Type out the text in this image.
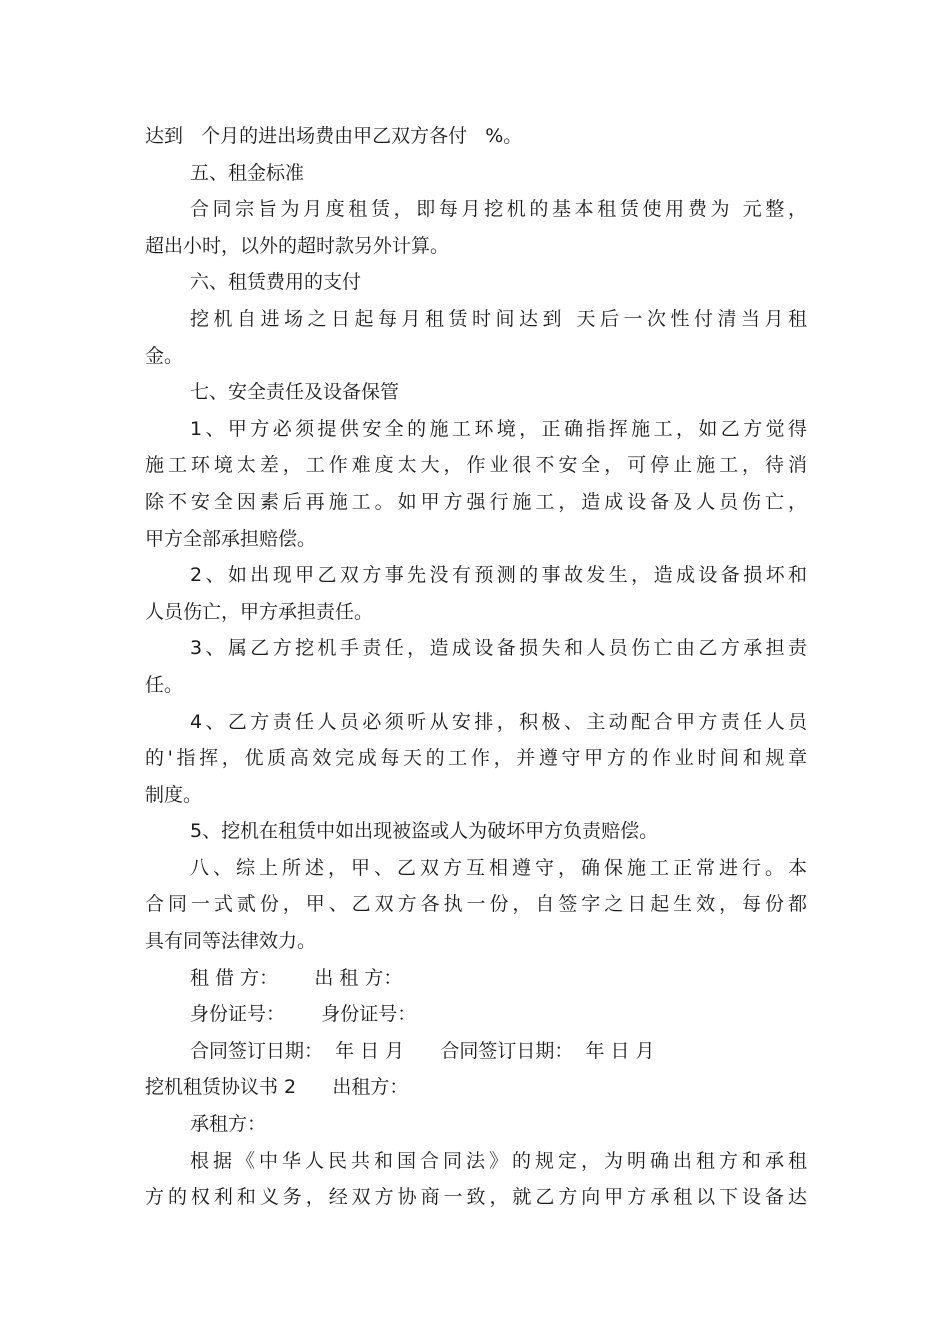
达到   个月的进出场费由甲乙双方各付   %。
五、租金标准
合同宗旨为月度租赁，即每月挖机的基本租赁使用费为 元整，
超出小时，以外的超时款另外计算。
六、租赁费用的支付
挖机自进场之日起每月租赁时间达到 天后一次性付清当月租
金。
七、安全责任及设备保管
1、甲方必须提供安全的施工环境，正确指挥施工，如乙方觉得
施工环境太差，工作难度太大，作业很不安全，可停止施工，待消
除不安全因素后再施工。如甲方强行施工，造成设备及人员伤亡，
甲方全部承担赔偿。
2、如出现甲乙双方事先没有预测的事故发生，造成设备损坏和
人员伤亡，甲方承担责任。
3、属乙方挖机手责任，造成设备损失和人员伤亡由乙方承担责
任。
4、乙方责任人员必须听从安排，积极、主动配合甲方责任人员
的'指挥，优质高效完成每天的工作，并遵守甲方的作业时间和规章
制度。
5、挖机在租赁中如出现被盗或人为破坏甲方负责赔偿。
八、综上所述，甲、乙双方互相遵守，确保施工正常进行。本
合同一式贰份，甲、乙双方各执一份，自签字之日起生效，每份都
具有同等法律效力。
租 借 方：      出 租 方：
身份证号：      身份证号：
合同签订日期：  年 日 月      合同签订日期：  年 日 月
挖机租赁协议书 2      出租方：
承租方：
根据《中华人民共和国合同法》的规定，为明确出租方和承租
方的权利和义务，经双方协商一致，就乙方向甲方承租以下设备达
